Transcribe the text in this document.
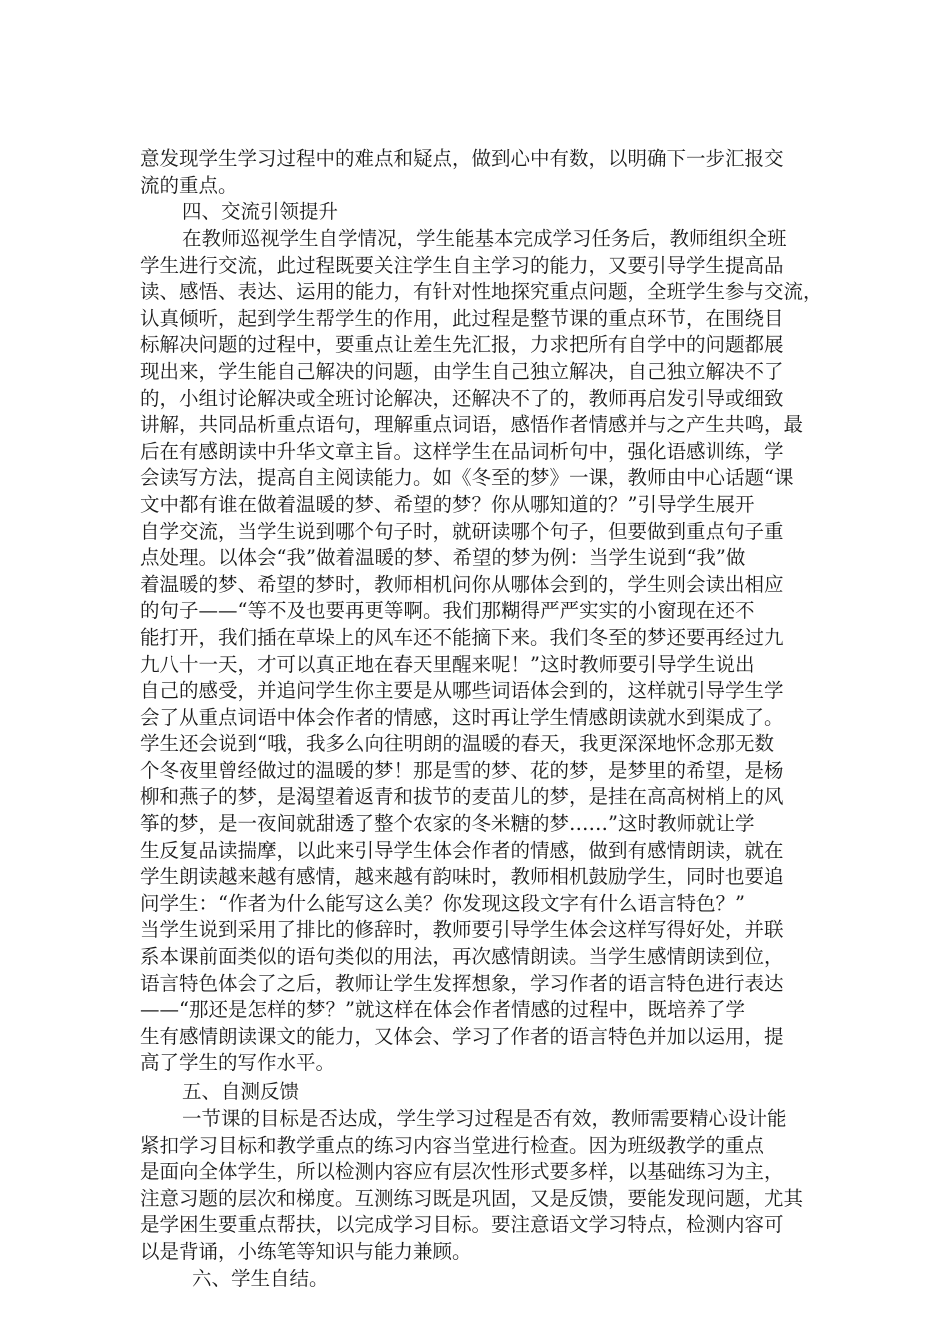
意发现学生学习过程中的难点和疑点，做到心中有数，以明确下一步汇报交
流的重点。
四、交流引领提升
在教师巡视学生自学情况，学生能基本完成学习任务后，教师组织全班
学生进行交流，此过程既要关注学生自主学习的能力，又要引导学生提高品
读、感悟、表达、运用的能力，有针对性地探究重点问题，全班学生参与交流，
认真倾听，起到学生帮学生的作用，此过程是整节课的重点环节，在围绕目
标解决问题的过程中，要重点让差生先汇报，力求把所有自学中的问题都展
现出来，学生能自己解决的问题，由学生自己独立解决，自己独立解决不了
的，小组讨论解决或全班讨论解决，还解决不了的，教师再启发引导或细致
讲解，共同品析重点语句，理解重点词语，感悟作者情感并与之产生共鸣，最
后在有感朗读中升华文章主旨。这样学生在品词析句中，强化语感训练，学
会读写方法，提高自主阅读能力。如《冬至的梦》一课，教师由中心话题“课
文中都有谁在做着温暖的梦、希望的梦？你从哪知道的？”引导学生展开
自学交流，当学生说到哪个句子时，就研读哪个句子，但要做到重点句子重
点处理。以体会“我”做着温暖的梦、希望的梦为例：当学生说到“我”做
着温暖的梦、希望的梦时，教师相机问你从哪体会到的，学生则会读出相应
的句子——“等不及也要再更等啊。我们那糊得严严实实的小窗现在还不
能打开，我们插在草垛上的风车还不能摘下来。我们冬至的梦还要再经过九
九八十一天，才可以真正地在春天里醒来呢！”这时教师要引导学生说出
自己的感受，并追问学生你主要是从哪些词语体会到的，这样就引导学生学
会了从重点词语中体会作者的情感，这时再让学生情感朗读就水到渠成了。
学生还会说到“哦，我多么向往明朗的温暖的春天，我更深深地怀念那无数
个冬夜里曾经做过的温暖的梦！那是雪的梦、花的梦，是梦里的希望，是杨
柳和燕子的梦，是渴望着返青和拔节的麦苗儿的梦，是挂在高高树梢上的风
筝的梦，是一夜间就甜透了整个农家的冬米糖的梦……”这时教师就让学
生反复品读揣摩，以此来引导学生体会作者的情感，做到有感情朗读，就在
学生朗读越来越有感情，越来越有韵味时，教师相机鼓励学生，同时也要追
问学生：“作者为什么能写这么美？你发现这段文字有什么语言特色？”
当学生说到采用了排比的修辞时，教师要引导学生体会这样写得好处，并联
系本课前面类似的语句类似的用法，再次感情朗读。当学生感情朗读到位，
语言特色体会了之后，教师让学生发挥想象，学习作者的语言特色进行表达
——“那还是怎样的梦？”就这样在体会作者情感的过程中，既培养了学
生有感情朗读课文的能力，又体会、学习了作者的语言特色并加以运用，提
高了学生的写作水平。
五、自测反馈
一节课的目标是否达成，学生学习过程是否有效，教师需要精心设计能
紧扣学习目标和教学重点的练习内容当堂进行检查。因为班级教学的重点
是面向全体学生，所以检测内容应有层次性形式要多样，以基础练习为主，
注意习题的层次和梯度。互测练习既是巩固，又是反馈，要能发现问题，尤其
是学困生要重点帮扶，以完成学习目标。要注意语文学习特点，检测内容可
以是背诵，小练笔等知识与能力兼顾。
六、学生自结。
